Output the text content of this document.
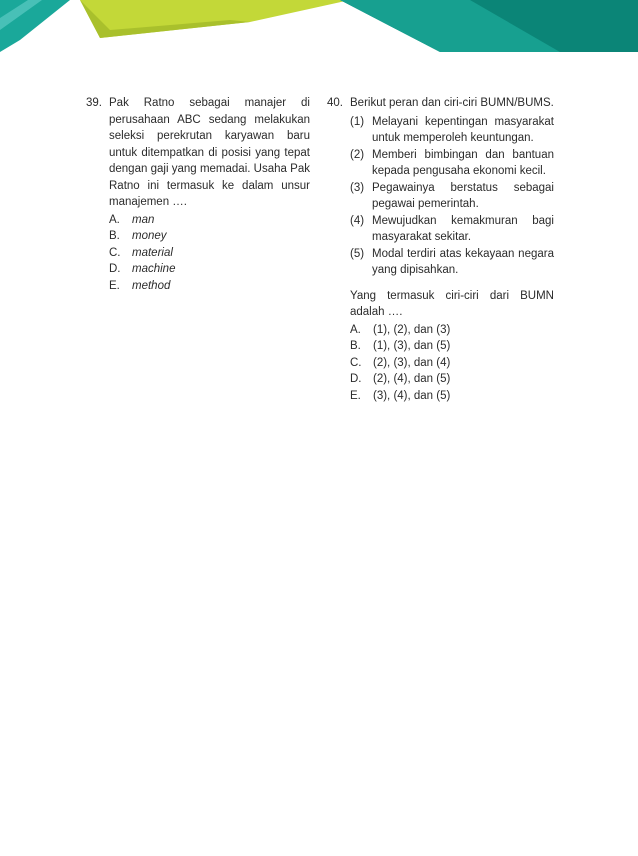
39. Pak Ratno sebagai manajer di perusahaan ABC sedang melakukan seleksi perekrutan karyawan baru untuk ditempatkan di posisi yang tepat dengan gaji yang memadai. Usaha Pak Ratno ini termasuk ke dalam unsur manajemen ….
A.	man
B.	money
C.	material
D.	machine
E.	method
40. Berikut peran dan ciri-ciri BUMN/BUMS.
(1) Melayani kepentingan masyarakat untuk memperoleh keuntungan.
(2) Memberi bimbingan dan bantuan kepada pengusaha ekonomi kecil.
(3) Pegawainya berstatus sebagai pegawai pemerintah.
(4) Mewujudkan kemakmuran bagi masyarakat sekitar.
(5) Modal terdiri atas kekayaan negara yang dipisahkan.
Yang termasuk ciri-ciri dari BUMN adalah ….
A.	(1), (2), dan (3)
B.	(1), (3), dan (5)
C.	(2), (3), dan (4)
D.	(2), (4), dan (5)
E.	(3), (4), dan (5)
